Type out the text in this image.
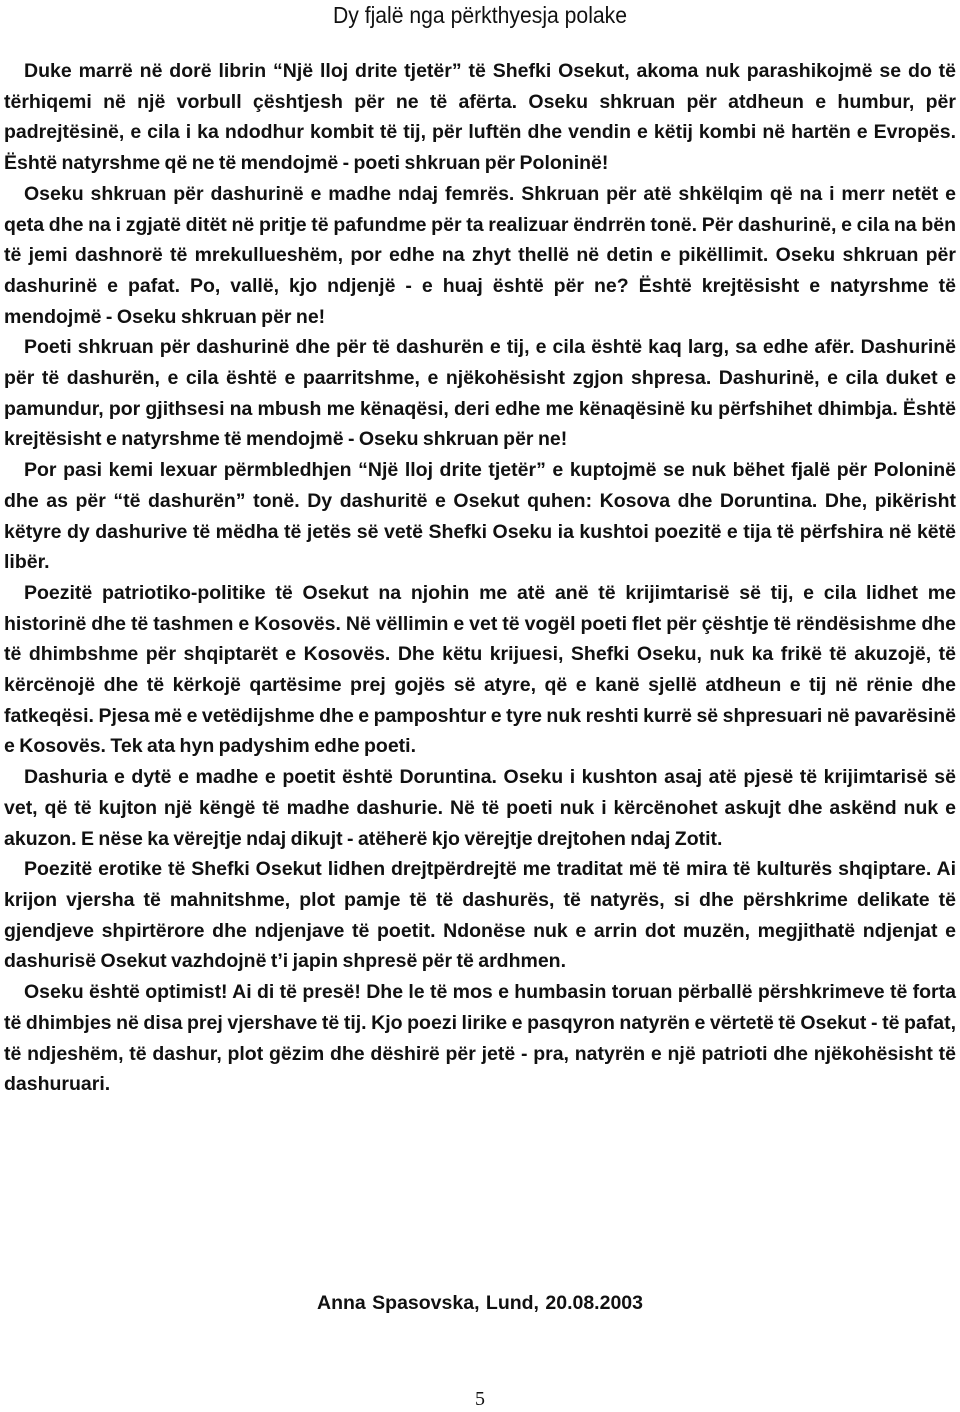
Dy fjalë nga përkthyesja polake

Duke marrë në dorë librin “Një lloj drite tjetër” të Shefki Osekut, akoma nuk parashikojmë se do të tërhiqemi në një vorbull çështjesh për ne të afërta. Oseku shkruan për atdheun e humbur, për padrejtësinë, e cila i ka ndodhur kombit të tij, për luftën dhe vendin e këtij kombi në hartën e Evropës. Është natyrshme që ne të mendojmë - poeti shkruan për Poloninë!

Oseku shkruan për dashurinë e madhe ndaj femrës. Shkruan për atë shkëlqim që na i merr netët e qeta dhe na i zgjatë ditët në pritje të pafundme për ta realizuar ëndrrën tonë. Për dashurinë, e cila na bën të jemi dashnorë të mrekullueshëm, por edhe na zhyt thellë në detin e pikëllimit. Oseku shkruan për dashurinë e pafat. Po, vallë, kjo ndjenjë - e huaj është për ne? Është krejtësisht e natyrshme të mendojmë - Oseku shkruan për ne!

Poeti shkruan për dashurinë dhe për të dashurën e tij, e cila është kaq larg, sa edhe afër. Dashurinë për të dashurën, e cila është e paarritshme, e njëkohësisht zgjon shpresa. Dashurinë, e cila duket e pamundur, por gjithsesi na mbush me kënaqësi, deri edhe me kënaqësinë ku përfshihet dhimbja. Është krejtësisht e natyrshme të mendojmë - Oseku shkruan për ne!

Por pasi kemi lexuar përmbledhjen “Një lloj drite tjetër” e kuptojmë se nuk bëhet fjalë për Poloninë dhe as për “të dashurën” tonë. Dy dashuritë e Osekut quhen: Kosova dhe Doruntina. Dhe, pikërisht këtyre dy dashurive të mëdha të jetës së vetë Shefki Oseku ia kushtoi poezitë e tija të përfshira në këtë libër.

Poezitë patriotiko-politike të Osekut na njohin me atë anë të krijimtarisë së tij, e cila lidhet me historinë dhe të tashmen e Kosovës. Në vëllimin e vet të vogël poeti flet për çështje të rëndësishme dhe të dhimbshme për shqiptarët e Kosovës. Dhe këtu krijuesi, Shefki Oseku, nuk ka frikë të akuzojë, të kërcënojë dhe të kërkojë qartësime prej gojës së atyre, që e kanë sjellë atdheun e tij në rënie dhe fatkeqësi. Pjesa më e vetëdijshme dhe e pamposhtur e tyre nuk reshti kurrë së shpresuari në pavarësinë e Kosovës. Tek ata hyn padyshim edhe poeti.

Dashuria e dytë e madhe e poetit është Doruntina. Oseku i kushton asaj atë pjesë të krijimtarisë së vet, që të kujton një këngë të madhe dashurie. Në të poeti nuk i kërcënohet askujt dhe askënd nuk e akuzon. E nëse ka vërejtje ndaj dikujt - atëherë kjo vërejtje drejtohen ndaj Zotit.

Poezitë erotike të Shefki Osekut lidhen drejtpërdrejtë me traditat më të mira të kulturës shqiptare. Ai krijon vjersha të mahnitshme, plot pamje të të dashurës, të natyrës, si dhe përshkrime delikate të gjendjeve shpirtërore dhe ndjenjave të poetit. Ndonëse nuk e arrin dot muzën, megjithatë ndjenjat e dashurisë Osekut vazhdojnë t’i japin shpresë për të ardhmen.

Oseku është optimist! Ai di të presë! Dhe le të mos e humbasin toruan përballë përshkrimeve të forta të dhimbjes në disa prej vjershave të tij. Kjo poezi lirike e pasqyron natyrën e vërtetë të Osekut - të pafat, të ndjeshëm, të dashur, plot gëzim dhe dëshirë për jetë - pra, natyrën e një patrioti dhe njëkohësisht të dashuruari.

Anna Spasovska, Lund, 20.08.2003
5
